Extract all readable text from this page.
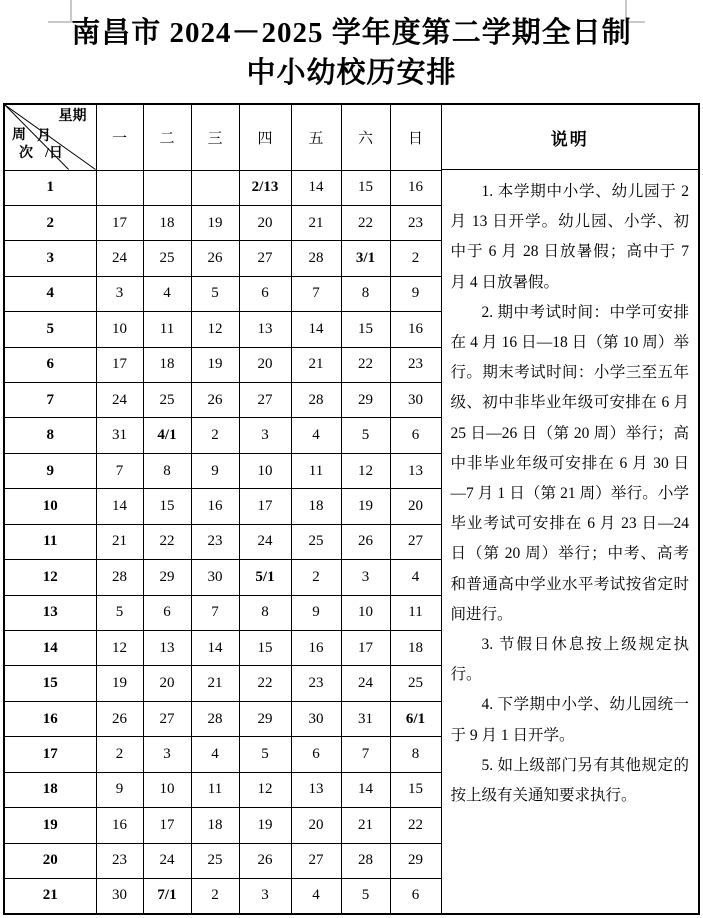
南昌市 2024－2025 学年度第二学期全日制
中小幼校历安排
星期
周 月
次 /日	一	二	三	四	五	六	日
1				2/13	14	15	16
2	17	18	19	20	21	22	23
3	24	25	26	27	28	3/1	2
4	3	4	5	6	7	8	9
5	10	11	12	13	14	15	16
6	17	18	19	20	21	22	23
7	24	25	26	27	28	29	30
8	31	4/1	2	3	4	5	6
9	7	8	9	10	11	12	13
10	14	15	16	17	18	19	20
11	21	22	23	24	25	26	27
12	28	29	30	5/1	2	3	4
13	5	6	7	8	9	10	11
14	12	13	14	15	16	17	18
15	19	20	21	22	23	24	25
16	26	27	28	29	30	31	6/1
17	2	3	4	5	6	7	8
18	9	10	11	12	13	14	15
19	16	17	18	19	20	21	22
20	23	24	25	26	27	28	29
21	30	7/1	2	3	4	5	6
说明

1. 本学期中小学、幼儿园于 2 月 13 日开学。幼儿园、小学、初中于 6 月 28 日放暑假；高中于 7 月 4 日放暑假。

2. 期中考试时间：中学可安排在 4 月 16 日—18 日（第 10 周）举行。期末考试时间：小学三至五年级、初中非毕业年级可安排在 6 月 25 日—26 日（第 20 周）举行；高中非毕业年级可安排在 6 月 30 日—7 月 1 日（第 21 周）举行。小学毕业考试可安排在 6 月 23 日—24 日（第 20 周）举行；中考、高考和普通高中学业水平考试按省定时间进行。

3. 节假日休息按上级规定执行。

4. 下学期中小学、幼儿园统一于 9 月 1 日开学。

5. 如上级部门另有其他规定的按上级有关通知要求执行。
